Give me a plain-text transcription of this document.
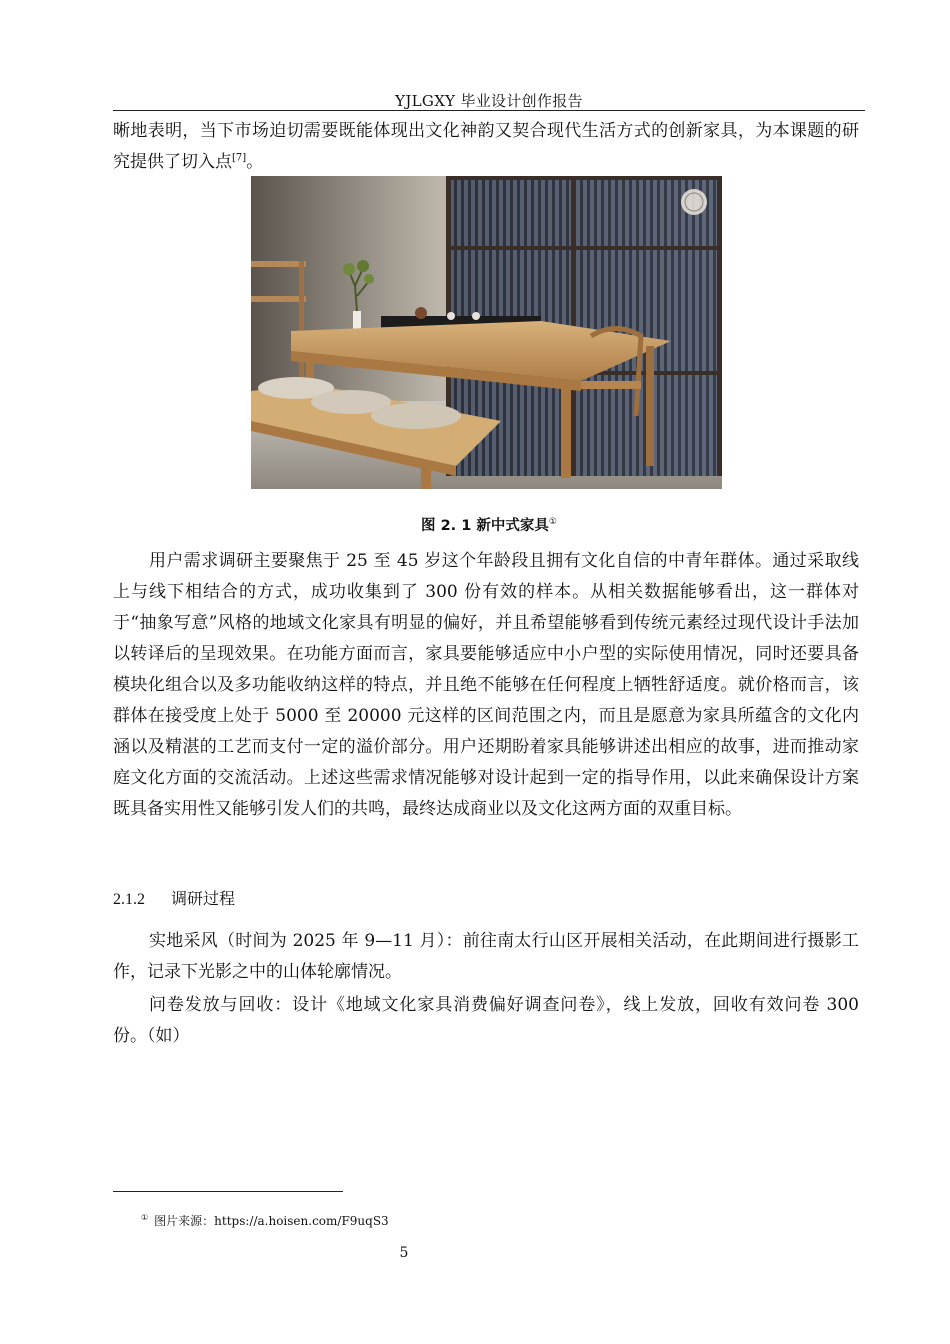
YJLGXY 毕业设计创作报告

晰地表明，当下市场迫切需要既能体现出文化神韵又契合现代生活方式的创新家具，为本课题的研究提供了切入点[7]。

图 2. 1 新中式家具①

用户需求调研主要聚焦于 25 至 45 岁这个年龄段且拥有文化自信的中青年群体。通过采取线上与线下相结合的方式，成功收集到了 300 份有效的样本。从相关数据能够看出，这一群体对于“抽象写意”风格的地域文化家具有明显的偏好，并且希望能够看到传统元素经过现代设计手法加以转译后的呈现效果。在功能方面而言，家具要能够适应中小户型的实际使用情况，同时还要具备模块化组合以及多功能收纳这样的特点，并且绝不能够在任何程度上牺牲舒适度。就价格而言，该群体在接受度上处于 5000 至 20000 元这样的区间范围之内，而且是愿意为家具所蕴含的文化内涵以及精湛的工艺而支付一定的溢价部分。用户还期盼着家具能够讲述出相应的故事，进而推动家庭文化方面的交流活动。上述这些需求情况能够对设计起到一定的指导作用，以此来确保设计方案既具备实用性又能够引发人们的共鸣，最终达成商业以及文化这两方面的双重目标。

2.1.2 调研过程

实地采风（时间为 2025 年 9—11 月）：前往南太行山区开展相关活动，在此期间进行摄影工作，记录下光影之中的山体轮廓情况。

问卷发放与回收：设计《地域文化家具消费偏好调查问卷》，线上发放，回收有效问卷 300 份。（如）

① 图片来源：https://a.hoisen.com/F9uqS3
5
